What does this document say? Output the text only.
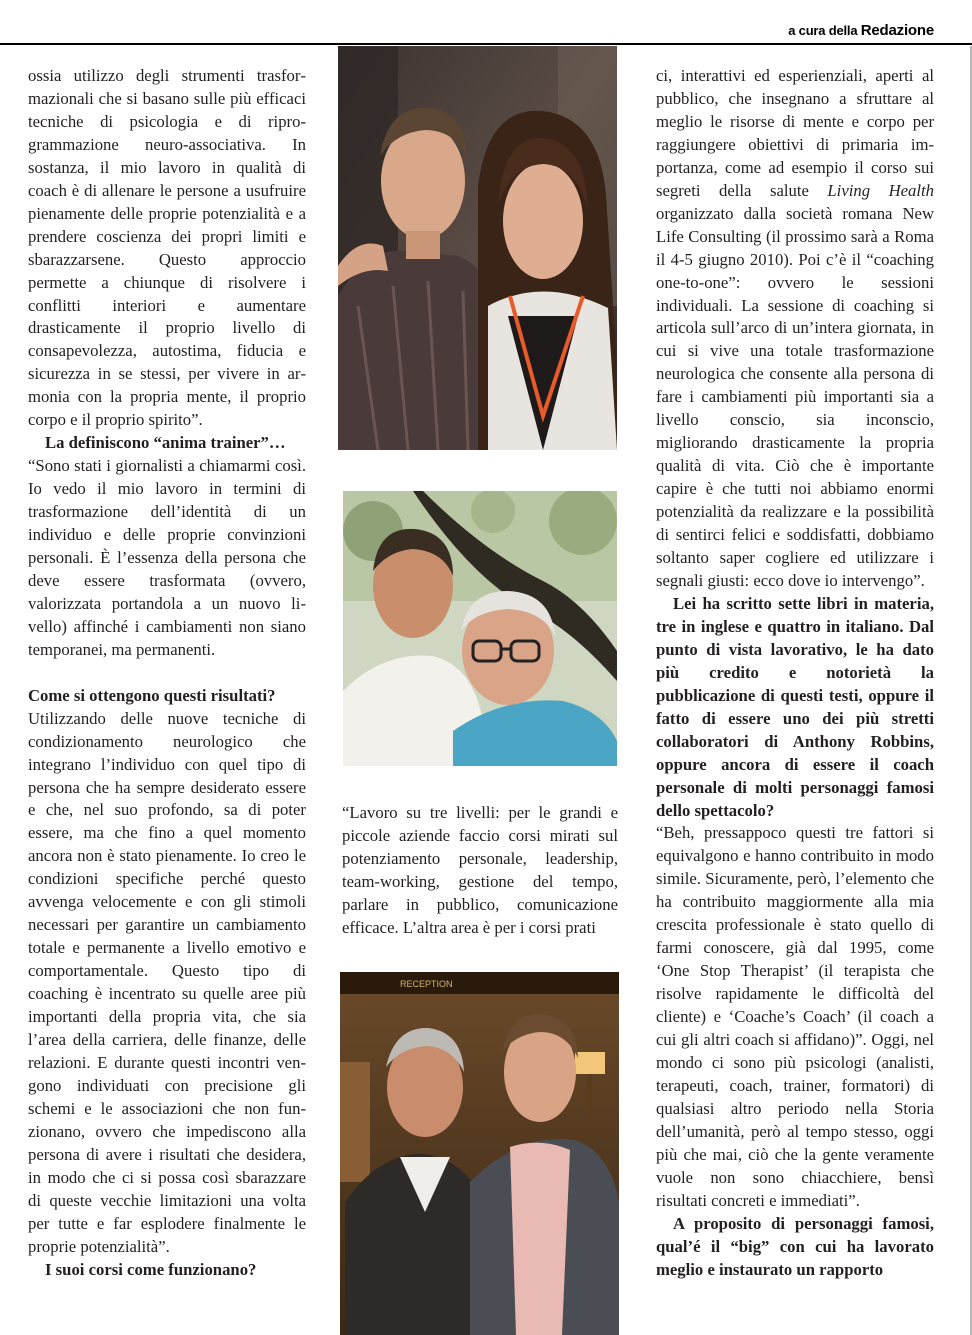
a cura della Redazione

ossia utilizzo degli strumenti trasformazionali che si basano sulle più efficaci tecniche di psicologia e di riprogrammazione neuro-associativa. In sostanza, il mio lavoro in qualità di coach è di allenare le persone a usufruire pienamente delle proprie potenzialità e a prendere coscienza dei propri limiti e sbarazzarsene. Questo approccio permette a chiunque di risolvere i conflitti interiori e aumentare drasticamente il proprio livello di consapevolezza, autostima, fiducia e sicurezza in se stessi, per vivere in armonia con la propria mente, il proprio corpo e il proprio spirito”.

La definiscono “anima trainer”…

“Sono stati i giornalisti a chiamarmi così. Io vedo il mio lavoro in termini di trasformazione dell’identità di un individuo e delle proprie convinzioni personali. È l’essenza della persona che deve essere trasformata (ovvero, valorizzata portandola a un nuovo livello) affinché i cambiamenti non siano temporanei, ma permanenti.

Come si ottengono questi risultati?

Utilizzando delle nuove tecniche di condizionamento neurologico che integrano l’individuo con quel tipo di persona che ha sempre desiderato essere e che, nel suo profondo, sa di poter essere, ma che fino a quel momento ancora non è stato pienamente. Io creo le condizioni specifiche perché questo avvenga velocemente e con gli stimoli necessari per garantire un cambiamento totale e permanente a livello emotivo e comportamentale. Questo tipo di coaching è incentrato su quelle aree più importanti della propria vita, che sia l’area della carriera, delle finanze, delle relazioni. E durante questi incontri vengono individuati con precisione gli schemi e le associazioni che non funzionano, ovvero che impediscono alla persona di avere i risultati che desidera, in modo che ci si possa così sbarazzare di queste vecchie limitazioni una volta per tutte e far esplodere finalmente le proprie potenzialità”.

I suoi corsi come funzionano?

“Lavoro su tre livelli: per le grandi e piccole aziende faccio corsi mirati sul potenziamento personale, leadership, team-working, gestione del tempo, parlare in pubblico, comunicazione efficace. L’altra area è per i corsi prati

RECEPTION

ci, interattivi ed esperienziali, aperti al pubblico, che insegnano a sfruttare al meglio le risorse di mente e corpo per raggiungere obiettivi di primaria importanza, come ad esempio il corso sui segreti della salute Living Health organizzato dalla società romana New Life Consulting (il prossimo sarà a Roma il 4-5 giugno 2010). Poi c’è il “coaching one-to-one”: ovvero le sessioni individuali. La sessione di coaching si articola sull’arco di un’intera giornata, in cui si vive una totale trasformazione neurologica che consente alla persona di fare i cambiamenti più importanti sia a livello conscio, sia inconscio, migliorando drasticamente la propria qualità di vita. Ciò che è importante capire è che tutti noi abbiamo enormi potenzialità da realizzare e la possibilità di sentirci felici e soddisfatti, dobbiamo soltanto saper cogliere ed utilizzare i segnali giusti: ecco dove io intervengo”.

Lei ha scritto sette libri in materia, tre in inglese e quattro in italiano. Dal punto di vista lavorativo, le ha dato più credito e notorietà la pubblicazione di questi testi, oppure il fatto di essere uno dei più stretti collaboratori di Anthony Robbins, oppure ancora di essere il coach personale di molti personaggi famosi dello spettacolo?

“Beh, pressappoco questi tre fattori si equivalgono e hanno contribuito in modo simile. Sicuramente, però, l’elemento che ha contribuito maggiormente alla mia crescita professionale è stato quello di farmi conoscere, già dal 1995, come ‘One Stop Therapist’ (il terapista che risolve rapidamente le difficoltà del cliente) e ‘Coache’s Coach’ (il coach a cui gli altri coach si affidano)”. Oggi, nel mondo ci sono più psicologi (analisti, terapeuti, coach, trainer, formatori) di qualsiasi altro periodo nella Storia dell’umanità, però al tempo stesso, oggi più che mai, ciò che la gente veramente vuole non sono chiacchiere, bensì risultati concreti e immediati”.

A proposito di personaggi famosi, qual’é il “big” con cui ha lavorato meglio e instaurato un rapporto
